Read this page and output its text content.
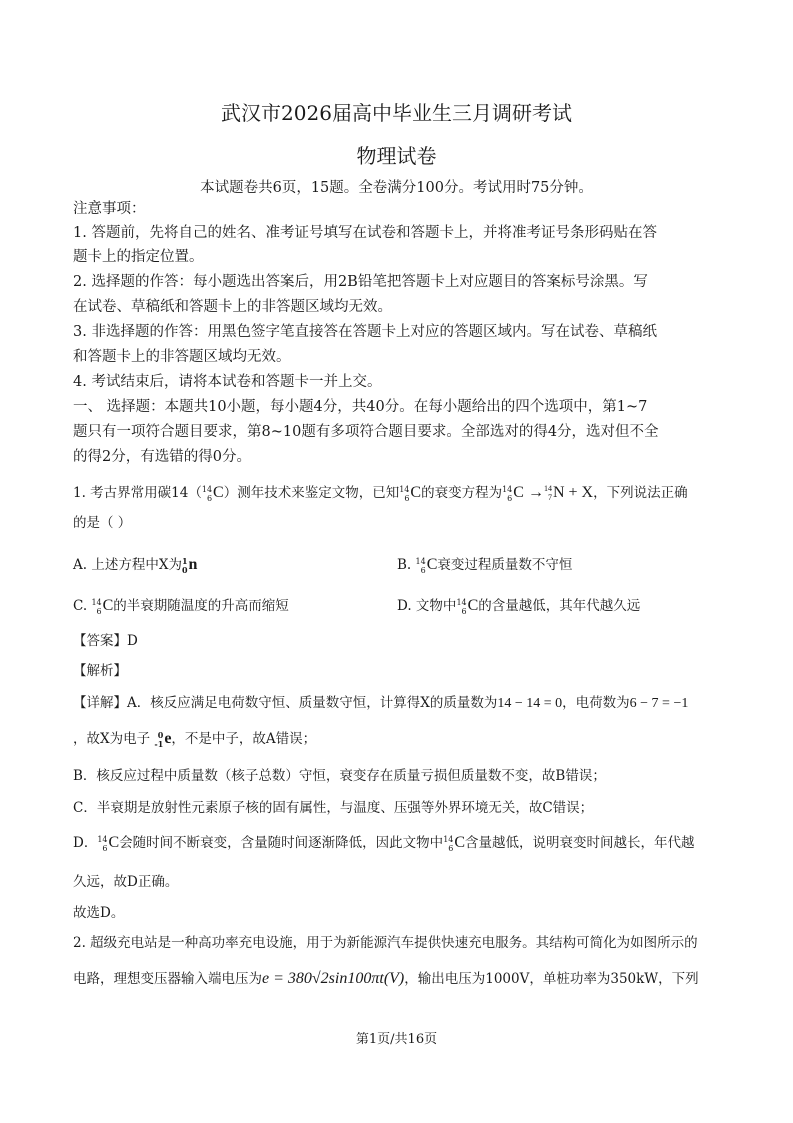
武汉市2026届高中毕业生三月调研考试
物理试卷
本试题卷共6页，15题。全卷满分100分。考试用时75分钟。
注意事项：
1. 答题前，先将自己的姓名、准考证号填写在试卷和答题卡上，并将准考证号条形码贴在答
题卡上的指定位置。
2. 选择题的作答：每小题选出答案后，用2B铅笔把答题卡上对应题目的答案标号涂黑。写
在试卷、草稿纸和答题卡上的非答题区域均无效。
3. 非选择题的作答：用黑色签字笔直接答在答题卡上对应的答题区域内。写在试卷、草稿纸
和答题卡上的非答题区域均无效。
4. 考试结束后，请将本试卷和答题卡一并上交。
一、 选择题：本题共10小题，每小题4分，共40分。在每小题给出的四个选项中，第1~7
题只有一项符合题目要求，第8~10题有多项符合题目要求。全部选对的得4分，选对但不全
的得2分，有选错的得0分。
1. 考古界常用碳14（ 14
6 C）测年技术来鉴定文物，已知 14
6 C的衰变方程为 14
6 C → 14
7 N + X，下列说法正确
的是（ ）
A. 上述方程中X为 1
0 n	B. 14
6 C衰变过程质量数不守恒
C. 14
6 C的半衰期随温度的升高而缩短	D. 文物中 14
6 C的含量越低，其年代越久远
【答案】D
【解析】
【详解】A．核反应满足电荷数守恒、质量数守恒，计算得X的质量数为14 − 14 = 0，电荷数为6 − 7 = −1
，故X为电子 0
-1 e，不是中子，故A错误；
B．核反应过程中质量数（核子总数）守恒，衰变存在质量亏损但质量数不变，故B错误；
C．半衰期是放射性元素原子核的固有属性，与温度、压强等外界环境无关，故C错误；
D． 14
6 C会随时间不断衰变，含量随时间逐渐降低，因此文物中 14
6 C含量越低，说明衰变时间越长，年代越
久远，故D正确。
故选D。
2. 超级充电站是一种高功率充电设施，用于为新能源汽车提供快速充电服务。其结构可简化为如图所示的
电路，理想变压器输入端电压为e = 380√2sin100πt(V)，输出电压为1000V，单桩功率为350kW，下列
第1页/共16页
